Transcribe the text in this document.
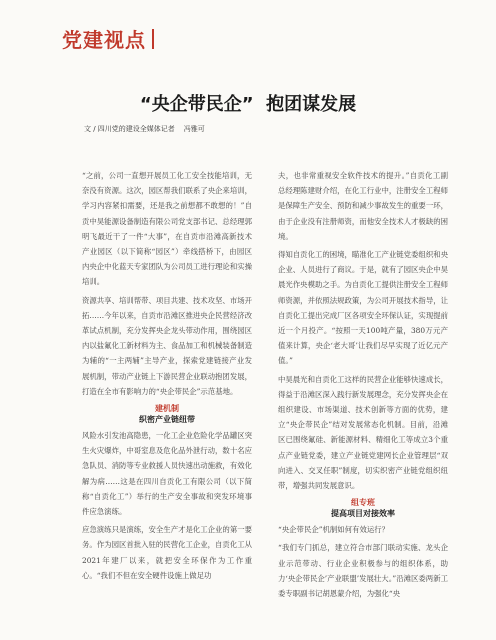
党建视点
“央企带民企”  抱团谋发展
文 / 四川党的建设全媒体记者    冯雅可

“之前，公司一直想开展员工化工安全技能培训，无奈没有资源。这次，园区帮我们联系了央企来培训，学习内容紧扣需要，还是我之前想都不敢想的！”自贡中昊能源设备制造有限公司党支部书记、总经理郭明飞最近干了一件“大事”，在自贡市沿滩高新技术产业园区（以下简称“园区”）牵线搭桥下，由园区内央企中化蓝天专家团队为公司员工进行理论和实操培训。

资源共享、培训帮带、项目共建、技术攻坚、市场开拓……今年以来，自贡市沿滩区推进央企民营经济改革试点机制，充分发挥央企龙头带动作用，围绕园区内以盐氟化工新材料为主、食品加工和机械装备制造为辅的“一主两辅”主导产业，探索党建链接产业发展机制，带动产业链上下游民营企业联动抱团发展，打造在全市有影响力的“央企带民企”示范基地。

建机制
织密产业链纽带

风险水引发池高隐患，一化工企业危险化学品罐区突生火灾爆炸，中哥室息及危化品外泄行动，数十名应急队员、消防等专业救援人员快速出动施救，有效化解为病……这是在四川自贡化工有限公司（以下简称“自贡化工”）举行的生产安全事故和突发环境事件应急演练。

应急演练只是演练，安全生产才是化工企业的第一要务。作为园区首批入驻的民营化工企业，自贡化工从2021年建厂以来，就把安全环保作为工作重心。“我们不但在安全硬件设施上做足功

夫，也非常重视安全软件技术的提升。”自贡化工副总经理陈建财介绍，在化工行业中，注册安全工程师是保障生产安全、预防和减少事故发生的重要一环，由于企业没有注册师资，而他安全技术人才极缺的困境。

得知自贡化工的困境，瞄准化工产业链党委组织和央企业、人员进行了商议。于是，就有了园区央企中昊晨光作央模助之手。为自贡化工提供注册安全工程师师资源，并依照法规政策，为公司开展技术指导，让自贡化工提出完成厂区各项安全环保认证，实现提前近一个月投产。“按照一天100吨产量，380万元产值来计算，央企‘老大哥’让我们尽早实现了近亿元产值。”

中昊晨光和自贡化工这样的民营企业能够快速成长，得益于沿滩区深入践行新发展理念，充分发挥央企在组织建设、市场渠道、技术创新等方面的优势，建立“央企带民企”结对发展常态化机制。目前，沿滩区已围绕氟硅、新能源材料、精细化工等成立3个重点产业链党委，建立产业链党建网长企业管理层“双向进入、交叉任职”制度，切实织密产业链党组织纽带，增强共同发展意识。

组专班
提高项目对接效率

“央企带民企”机制如何有效运行？

“我们专门抓总，建立符合市部门联动实施、龙头企业示范带动、行业企业积极参与的组织体系，助力‘央企带民企’产业联盟’发展壮大。”沿滩区委两新工委专职副书记胡恩蒙介绍，为强化“央
